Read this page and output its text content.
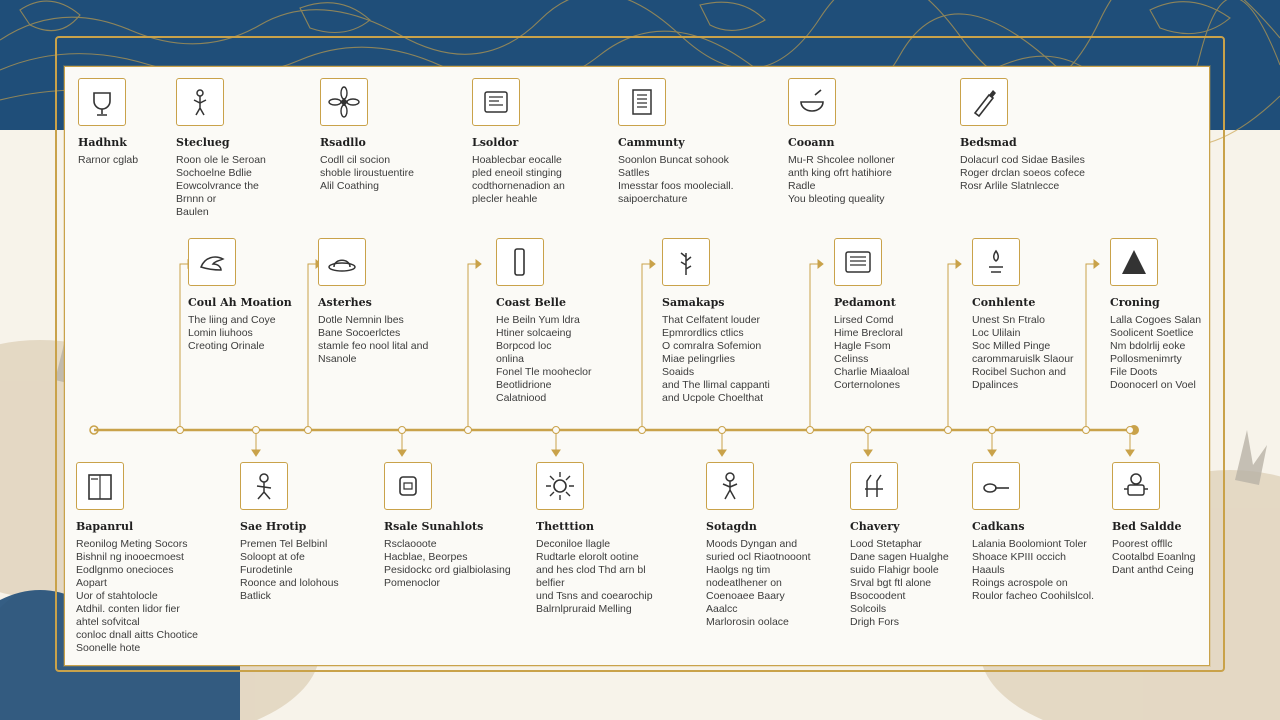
Hadhnk
Rarnor cglab
Steclueg
Roon ole le Seroan
Sochoelne Bdlie
Eowcolvrance the
Brnnn or
Baulen
Rsadllo
Codll cil socion
shoble liroustuentire
Alil Coathing
Lsoldor
Hoablecbar eocalle
pled eneoil stinging
codthornenadion an
plecler heahle
Cammunty
Soonlon Buncat sohook
Satlles
Imesstar foos mooleciall.
saipoerchature
Cooann
Mu-R Shcolee nolloner
anth king ofrt hatihiore
Radle
You bleoting queality
Bedsmad
Dolacurl cod Sidae Basiles
Roger drclan soeos cofece
Rosr Arlile Slatnlecce
Coul Ah Moation
The liing and Coye
Lomin liuhoos
Creoting Orinale
Asterhes
Dotle Nemnin lbes
Bane Socoerlctes
stamle feo nool lital and
Nsanole
Coast Belle
He Beiln Yum ldra
Htiner solcaeing
Borpcod loc
onlina
Fonel Tle mooheclor
Beotlidrione
Calatniood
Samakaps
That Celfatent louder
Epmrordlics ctlics
O comralra Sofemion
Miae pelingrlies
Soaids
and The llimal cappanti
and Ucpole Choelthat
Pedamont
Lirsed Comd
Hime Brecloral
Hagle Fsom
Celinss
Charlie Miaaloal
Corternolones
Conhlente
Unest Sn Ftralo
Loc Ulilain
Soc Milled Pinge
carommaruislk Slaour
Rocibel Suchon and
Dpalinces
Croning
Lalla Cogoes Salan
Soolicent Soetlice
Nm bdolrlij eoke
Pollosmenimrty
File Doots
Doonocerl on Voel
Bapanrul
Reonilog Meting Socors
Bishnil ng inooecmoest
Eodlgnmo onecioces
Aopart
Uor of stahtolocle
Atdhil. conten lidor fier
ahtel sofvitcal
conloc dnall aitts Chootice
Soonelle hote
Sae Hrotip
Premen Tel Belbinl
Soloopt at ofe
Furodetinle
Roonce and lolohous
Batlick
Rsale Sunahlots
Rsclaooote
Hacblae, Beorpes
Pesidockc ord gialbiolasing
Pomenoclor
Thetttion
Deconiloe llagle
Rudtarle elorolt ootine
and hes clod Thd arn bl belfier
und Tsns and coearochip
Balrnlpruraid Melling
Sotagdn
Moods Dyngan and
suried ocl Riaotnooont
Haolgs ng tim
nodeatlhener on
Coenoaee Baary
Aaalcc
Marlorosin oolace
Chavery
Lood Stetaphar
Dane sagen Hualghe
suido Flahigr boole
Srval bgt ftl alone
Bsocoodent
Solcoils
Drigh Fors
Cadkans
Lalania Boolomiont Toler
Shoace KPIII occich
Haauls
Roings acrospole on
Roulor facheo Coohilslcol.
Bed Saldde
Poorest offllc
Cootalbd Eoanlng
Dant anthd Ceing
